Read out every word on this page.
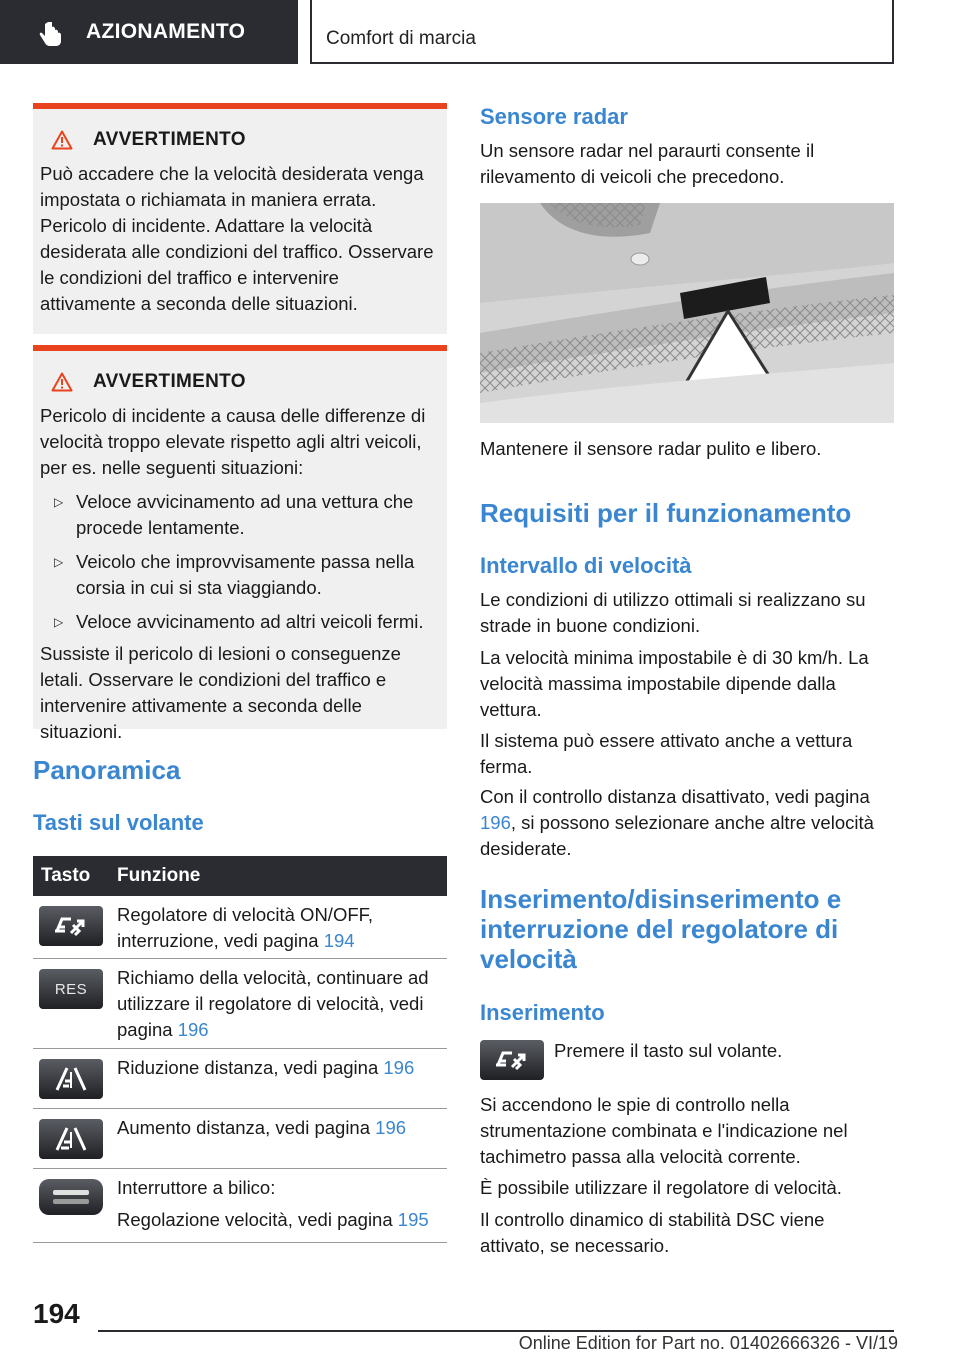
AZIONAMENTO	Comfort di marcia
AVVERTIMENTO

Può accadere che la velocità desiderata venga impostata o richiamata in maniera errata. Pericolo di incidente. Adattare la velocità desiderata alle condizioni del traffico. Osservare le condizioni del traffico e intervenire attivamente a seconda delle situazioni.

AVVERTIMENTO

Pericolo di incidente a causa delle differenze di velocità troppo elevate rispetto agli altri veicoli, per es. nelle seguenti situazioni:

▷ Veloce avvicinamento ad una vettura che procede lentamente.
▷ Veicolo che improvvisamente passa nella corsia in cui si sta viaggiando.
▷ Veloce avvicinamento ad altri veicoli fermi.

Sussiste il pericolo di lesioni o conseguenze letali. Osservare le condizioni del traffico e intervenire attivamente a seconda delle situazioni.

Panoramica
Tasti sul volante
Tasto	Funzione
Regolatore di velocità ON/OFF, interruzione, vedi pagina 194
RES
Richiamo della velocità, continuare ad utilizzare il regolatore di velocità, vedi pagina 196
Riduzione distanza, vedi pagina 196
Aumento distanza, vedi pagina 196
Interruttore a bilico:
Regolazione velocità, vedi pagina 195
Sensore radar

Un sensore radar nel paraurti consente il rilevamento di veicoli che precedono.

Mantenere il sensore radar pulito e libero.

Requisiti per il funzionamento
Intervallo di velocità

Le condizioni di utilizzo ottimali si realizzano su strade in buone condizioni.

La velocità minima impostabile è di 30 km/h. La velocità massima impostabile dipende dalla vettura.

Il sistema può essere attivato anche a vettura ferma.

Con il controllo distanza disattivato, vedi pagina 196, si possono selezionare anche altre velocità desiderate.

Inserimento/disinserimento e interruzione del regolatore di velocità
Inserimento

Premere il tasto sul volante.

Si accendono le spie di controllo nella strumentazione combinata e l'indicazione nel tachimetro passa alla velocità corrente.

È possibile utilizzare il regolatore di velocità.

Il controllo dinamico di stabilità DSC viene attivato, se necessario.

194
Online Edition for Part no. 01402666326 - VI/19
